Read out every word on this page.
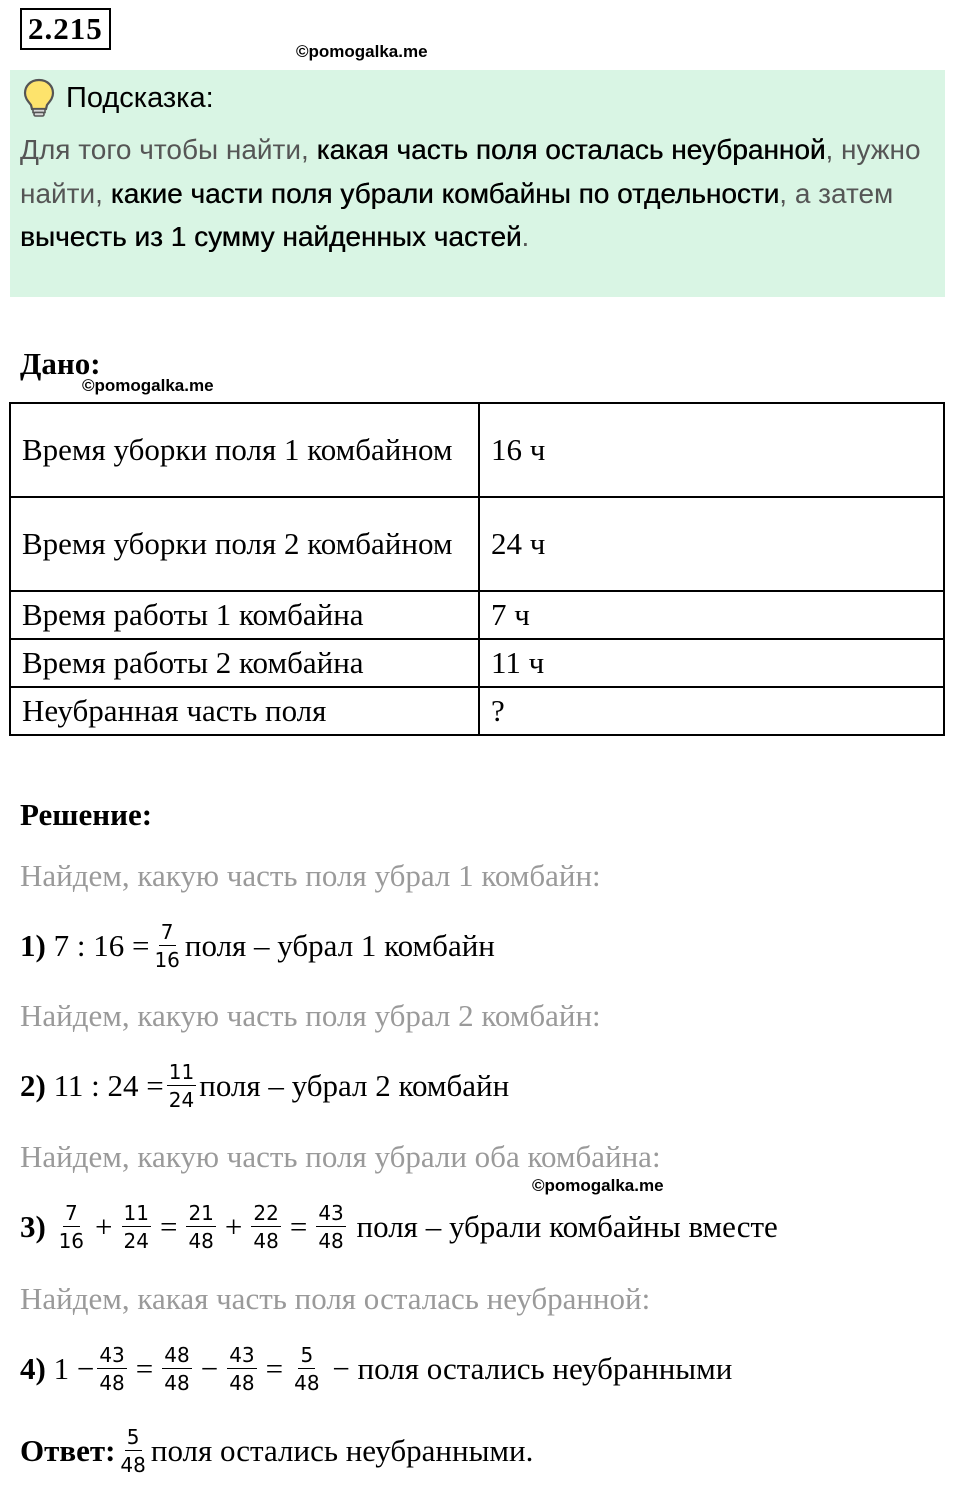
2.215
©pomogalka.me
Подсказка:
Для того чтобы найти, какая часть поля осталась неубранной, нужно найти, какие части поля убрали комбайны по отдельности, а затем вычесть из 1 сумму найденных частей.
Дано:
©pomogalka.me
Время уборки поля 1 комбайном	16 ч
Время уборки поля 2 комбайном	24 ч
Время работы 1 комбайна	7 ч
Время работы 2 комбайна	11 ч
Неубранная часть поля	?
Решение:
Найдем, какую часть поля убрал 1 комбайн:
1)
7 : $16 = \frac{7}{16}$ поля – убрал 1 комбайн
Найдем, какую часть поля убрал 2 комбайн:
2)
11 : $24 = \frac{11}{24}$ поля – убрал 2 комбайн
Найдем, какую часть поля убрали оба комбайна:
©pomogalka.me
3)
$\frac{7}{16} + \frac{11}{24} = \frac{21}{48} + \frac{22}{48} = \frac{43}{48}$
поля – убрали комбайны вместе
Найдем, какая часть поля осталась неубранной:
4)
$1 - \frac{43}{48} = \frac{48}{48} - \frac{43}{48} = \frac{5}{48}$
− поля остались неубранными
Ответ: $\frac{5}{48}$ поля остались неубранными.
